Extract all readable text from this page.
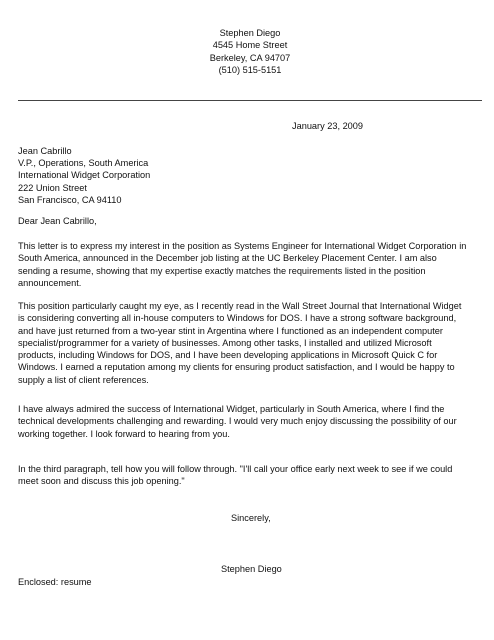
Stephen Diego
4545 Home Street
Berkeley, CA 94707
(510) 515-5151
January 23, 2009
Jean Cabrillo
V.P., Operations, South America
International Widget Corporation
222 Union Street
San Francisco, CA 94110
Dear Jean Cabrillo,

This letter is to express my interest in the position as Systems Engineer for International Widget Corporation in
South America, announced in the December job listing at the UC Berkeley Placement Center. I am also
sending a resume, showing that my expertise exactly matches the requirements listed in the position
announcement.

This position particularly caught my eye, as I recently read in the Wall Street Journal that International Widget
is considering converting all in-house computers to Windows for DOS. I have a strong software background,
and have just returned from a two-year stint in Argentina where I functioned as an independent computer
specialist/programmer for a variety of businesses. Among other tasks, I installed and utilized Microsoft
products, including Windows for DOS, and I have been developing applications in Microsoft Quick C for
Windows. I earned a reputation among my clients for ensuring product satisfaction, and I would be happy to
supply a list of client references.

I have always admired the success of International Widget, particularly in South America, where I find the
technical developments challenging and rewarding. I would very much enjoy discussing the possibility of our
working together. I look forward to hearing from you.

In the third paragraph, tell how you will follow through. "I'll call your office early next week to see if we could
meet soon and discuss this job opening."

Sincerely,
Stephen Diego
Enclosed: resume
